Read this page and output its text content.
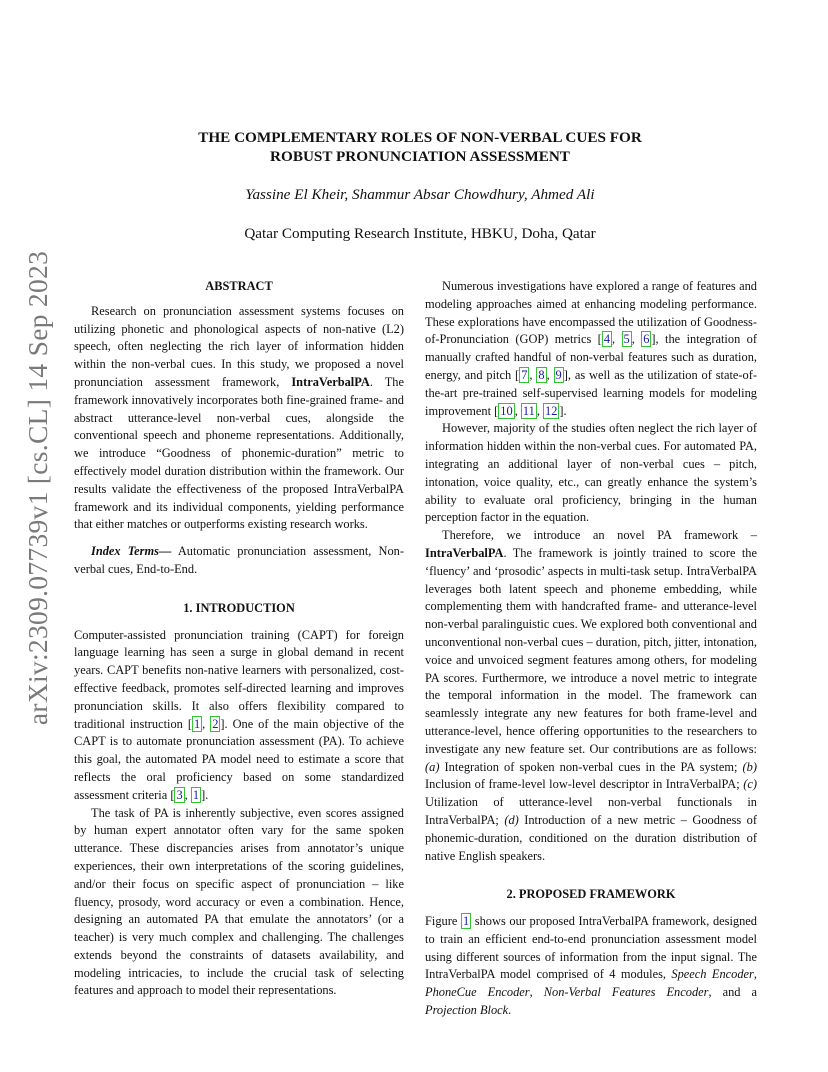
arXiv:2309.07739v1 [cs.CL] 14 Sep 2023
THE COMPLEMENTARY ROLES OF NON-VERBAL CUES FOR
ROBUST PRONUNCIATION ASSESSMENT
Yassine El Kheir, Shammur Absar Chowdhury, Ahmed Ali
Qatar Computing Research Institute, HBKU, Doha, Qatar
ABSTRACT

Research on pronunciation assessment systems focuses on utilizing phonetic and phonological aspects of non-native (L2) speech, often neglecting the rich layer of information hidden within the non-verbal cues. In this study, we proposed a novel pronunciation assessment framework, IntraVerbalPA. The framework innovatively incorporates both fine-grained frame- and abstract utterance-level non-verbal cues, alongside the conventional speech and phoneme representations. Additionally, we introduce “Goodness of phonemic-duration” metric to effectively model duration distribution within the framework. Our results validate the effectiveness of the proposed IntraVerbalPA framework and its individual components, yielding performance that either matches or outperforms existing research works.

Index Terms— Automatic pronunciation assessment, Non-verbal cues, End-to-End.

1. INTRODUCTION

Computer-assisted pronunciation training (CAPT) for foreign language learning has seen a surge in global demand in recent years. CAPT benefits non-native learners with personalized, cost-effective feedback, promotes self-directed learning and improves pronunciation skills. It also offers flexibility compared to traditional instruction [ 1 , 2 ]. One of the main objective of the CAPT is to automate pronunciation assessment (PA). To achieve this goal, the automated PA model need to estimate a score that reflects the oral proficiency based on some standardized assessment criteria [ 3 , 1 ].

The task of PA is inherently subjective, even scores assigned by human expert annotator often vary for the same spoken utterance. These discrepancies arises from annotator’s unique experiences, their own interpretations of the scoring guidelines, and/or their focus on specific aspect of pronunciation – like fluency, prosody, word accuracy or even a combination. Hence, designing an automated PA that emulate the annotators’ (or a teacher) is very much complex and challenging. The challenges extends beyond the constraints of datasets availability, and modeling intricacies, to include the crucial task of selecting features and approach to model their representations.

Numerous investigations have explored a range of features and modeling approaches aimed at enhancing modeling performance. These explorations have encompassed the utilization of Goodness-of-Pronunciation (GOP) metrics [ 4 , 5 , 6 ], the integration of manually crafted handful of non-verbal features such as duration, energy, and pitch [ 7 , 8 , 9 ], as well as the utilization of state-of-the-art pre-trained self-supervised learning models for modeling improvement [ 10 , 11 , 12 ].

However, majority of the studies often neglect the rich layer of information hidden within the non-verbal cues. For automated PA, integrating an additional layer of non-verbal cues – pitch, intonation, voice quality, etc., can greatly enhance the system’s ability to evaluate oral proficiency, bringing in the human perception factor in the equation.

Therefore, we introduce an novel PA framework – IntraVerbalPA. The framework is jointly trained to score the ‘fluency’ and ‘prosodic’ aspects in multi-task setup. IntraVerbalPA leverages both latent speech and phoneme embedding, while complementing them with handcrafted frame- and utterance-level non-verbal paralinguistic cues. We explored both conventional and unconventional non-verbal cues – duration, pitch, jitter, intonation, voice and unvoiced segment features among others, for modeling PA scores. Furthermore, we introduce a novel metric to integrate the temporal information in the model. The framework can seamlessly integrate any new features for both frame-level and utterance-level, hence offering opportunities to the researchers to investigate any new feature set. Our contributions are as follows: (a) Integration of spoken non-verbal cues in the PA system; (b) Inclusion of frame-level low-level descriptor in IntraVerbalPA; (c) Utilization of utterance-level non-verbal functionals in IntraVerbalPA; (d) Introduction of a new metric – Goodness of phonemic-duration, conditioned on the duration distribution of native English speakers.

2. PROPOSED FRAMEWORK

Figure 1 shows our proposed IntraVerbalPA framework, designed to train an efficient end-to-end pronunciation assessment model using different sources of information from the input signal. The IntraVerbalPA model comprised of 4 modules, Speech Encoder, PhoneCue Encoder, Non-Verbal Features Encoder, and a Projection Block.
